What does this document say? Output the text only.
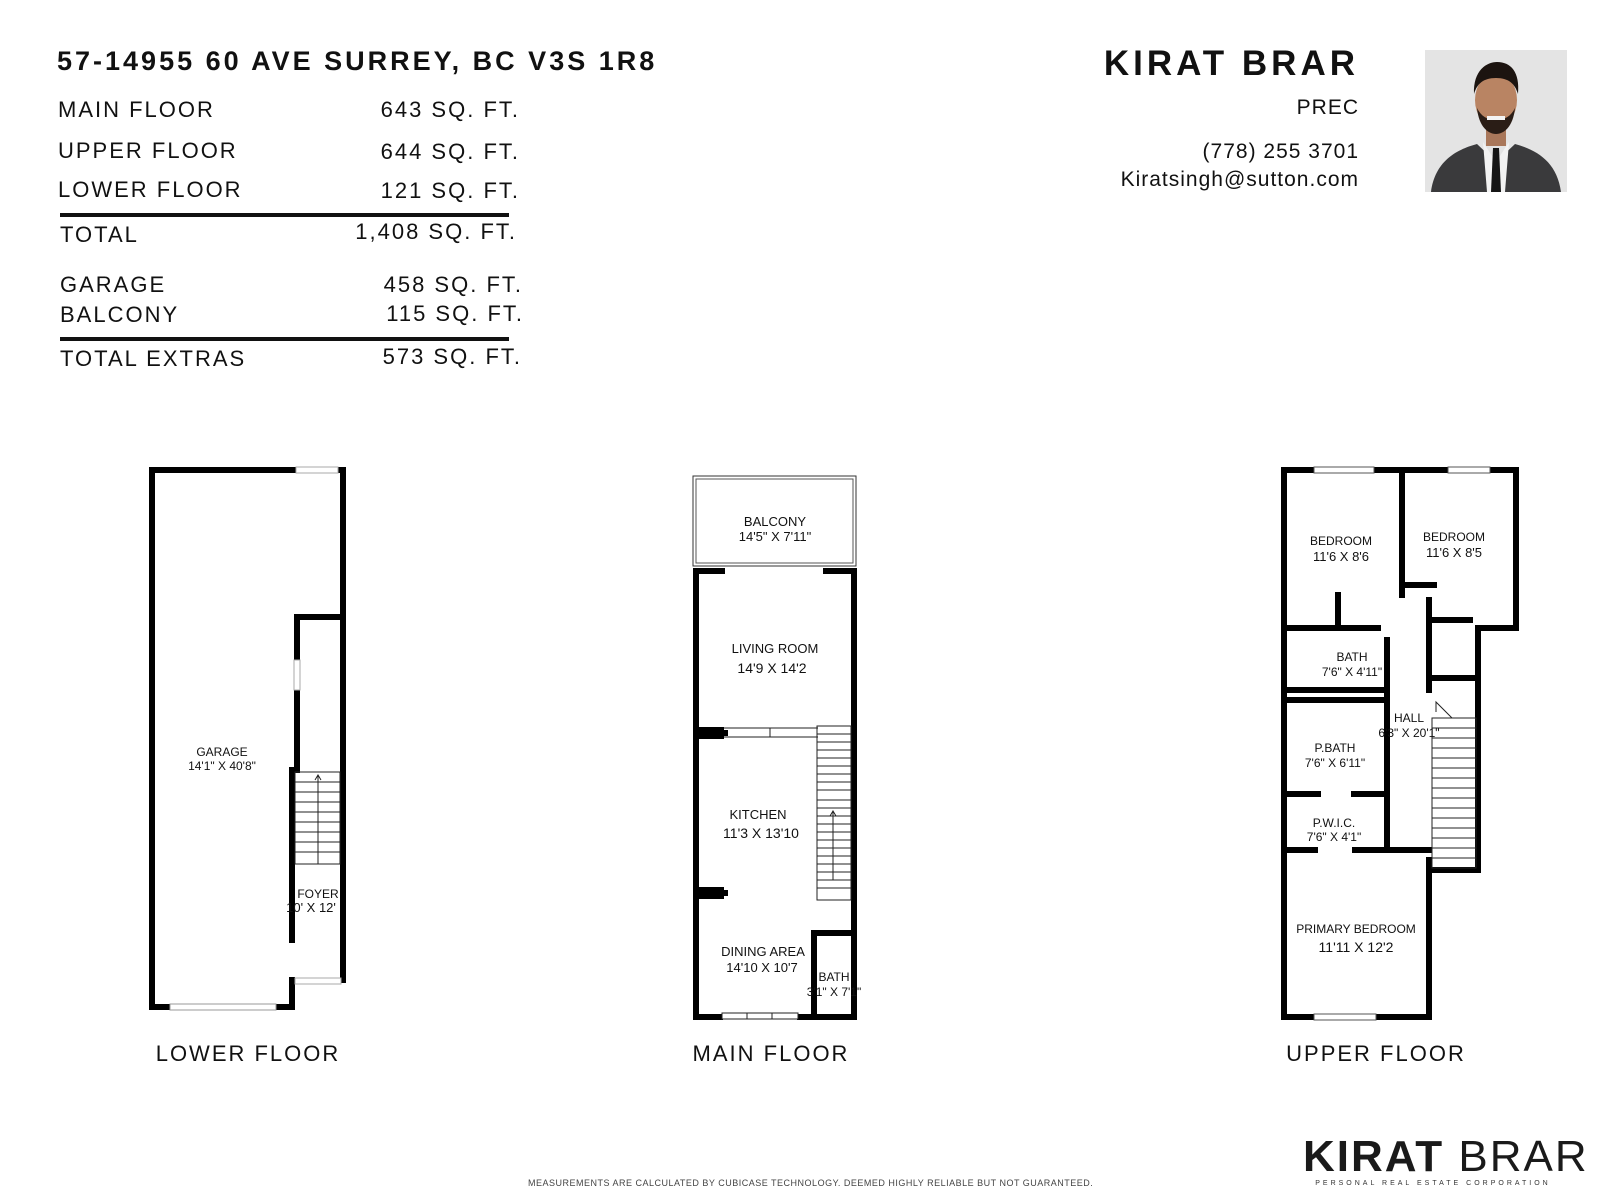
57-14955 60 AVE SURREY, BC V3S 1R8
MAIN FLOOR	643 SQ. FT.
UPPER FLOOR	644 SQ. FT.
LOWER FLOOR	121 SQ. FT.
TOTAL	1,408 SQ. FT.
GARAGE	458 SQ. FT.
BALCONY	115 SQ. FT.
TOTAL EXTRAS	573 SQ. FT.
KIRAT BRAR
PREC
(778) 255 3701
Kiratsingh@sutton.com
GARAGE
14'1" X 40'8"
FOYER
10' X 12'
BALCONY
14'5" X 7'11"
LIVING ROOM
14'9 X 14'2
KITCHEN
11'3 X 13'10
DINING AREA
14'10 X 10'7
BATH
3'1" X 7'1"
BEDROOM
11'6 X 8'6
BEDROOM
11'6 X 8'5
BATH
7'6" X 4'11"
HALL
6'3" X 20'1"
P.BATH
7'6" X 6'11"
P.W.I.C.
7'6" X 4'1"
PRIMARY BEDROOM
11'11 X 12'2
LOWER FLOOR	MAIN FLOOR	UPPER FLOOR
MEASUREMENTS ARE CALCULATED BY CUBICASE TECHNOLOGY. DEEMED HIGHLY RELIABLE BUT NOT GUARANTEED.
KIRAT BRAR
PERSONAL REAL ESTATE CORPORATION
